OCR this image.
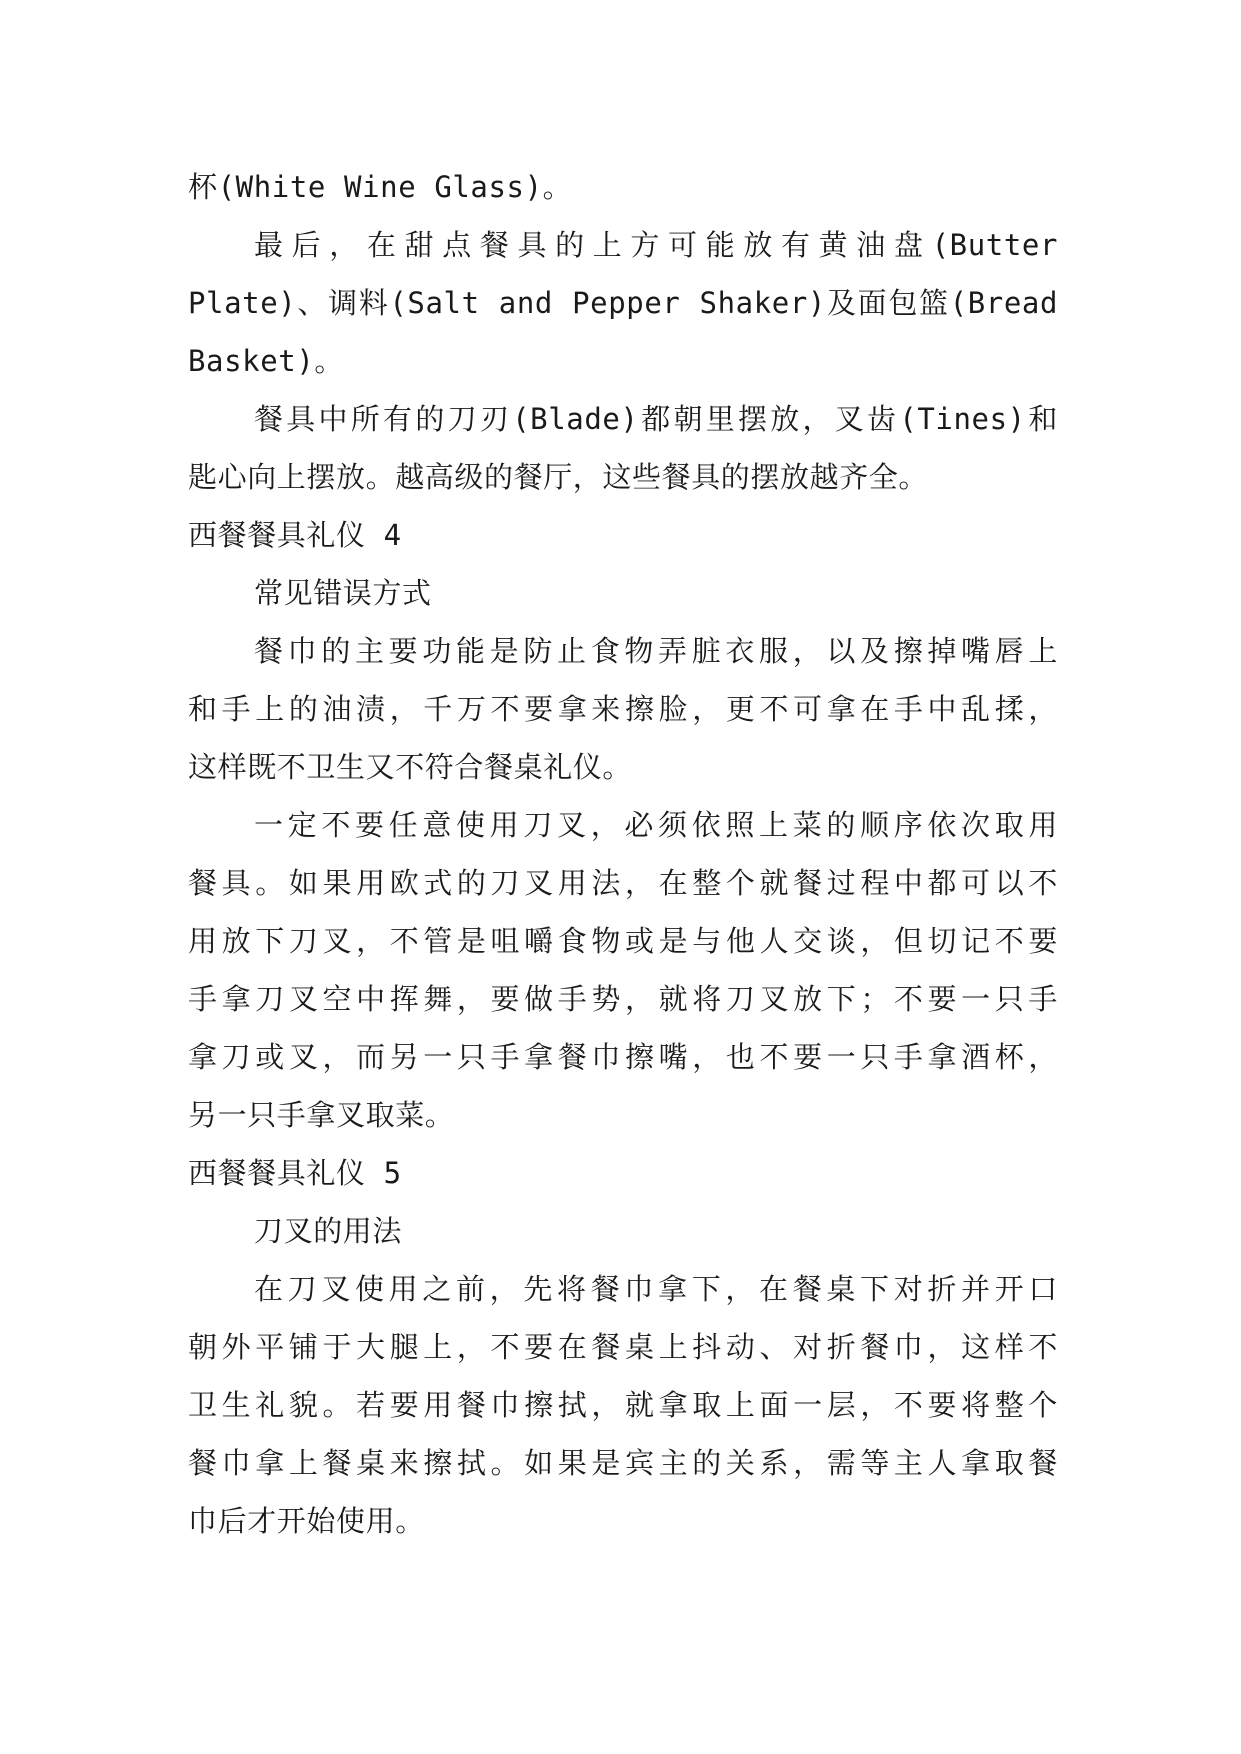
杯(White Wine Glass)。
最后，在甜点餐具的上方可能放有黄油盘(Butter
Plate)、调料(Salt and Pepper Shaker)及面包篮(Bread
Basket)。
餐具中所有的刀刃(Blade)都朝里摆放，叉齿(Tines)和
匙心向上摆放。越高级的餐厅，这些餐具的摆放越齐全。
西餐餐具礼仪 4
常见错误方式
餐巾的主要功能是防止食物弄脏衣服，以及擦掉嘴唇上
和手上的油渍，千万不要拿来擦脸，更不可拿在手中乱揉，
这样既不卫生又不符合餐桌礼仪。
一定不要任意使用刀叉，必须依照上菜的顺序依次取用
餐具。如果用欧式的刀叉用法，在整个就餐过程中都可以不
用放下刀叉，不管是咀嚼食物或是与他人交谈，但切记不要
手拿刀叉空中挥舞，要做手势，就将刀叉放下；不要一只手
拿刀或叉，而另一只手拿餐巾擦嘴，也不要一只手拿酒杯，
另一只手拿叉取菜。
西餐餐具礼仪 5
刀叉的用法
在刀叉使用之前，先将餐巾拿下，在餐桌下对折并开口
朝外平铺于大腿上，不要在餐桌上抖动、对折餐巾，这样不
卫生礼貌。若要用餐巾擦拭，就拿取上面一层，不要将整个
餐巾拿上餐桌来擦拭。如果是宾主的关系，需等主人拿取餐
巾后才开始使用。
